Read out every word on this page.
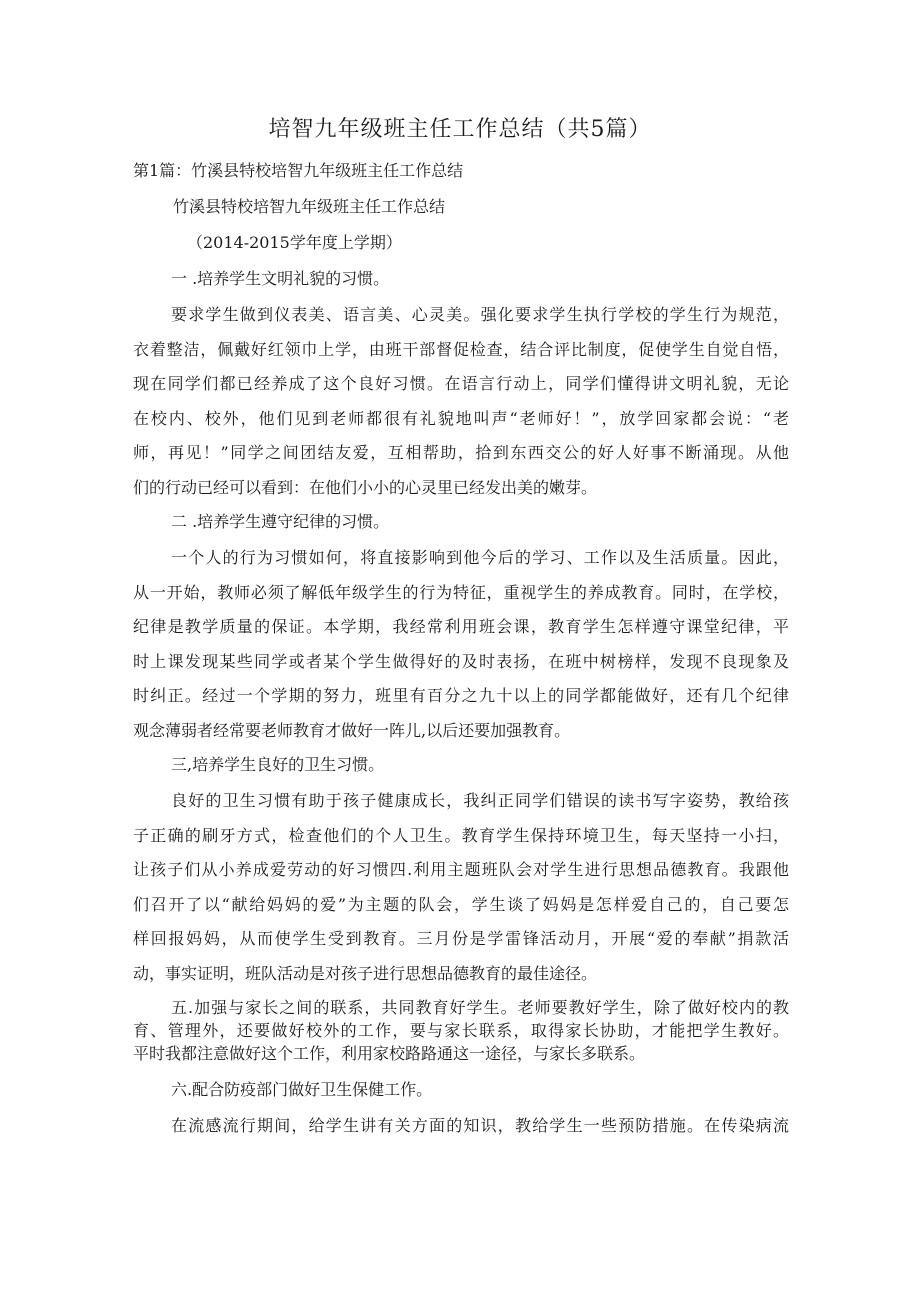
培智九年级班主任工作总结（共5篇）
第1篇：竹溪县特校培智九年级班主任工作总结
竹溪县特校培智九年级班主任工作总结
（2014-2015学年度上学期）
一 .培养学生文明礼貌的习惯。
要求学生做到仪表美、语言美、心灵美。强化要求学生执行学校的学生行为规范，
衣着整洁，佩戴好红领巾上学，由班干部督促检查，结合评比制度，促使学生自觉自悟，
现在同学们都已经养成了这个良好习惯。在语言行动上，同学们懂得讲文明礼貌，无论
在校内、校外，他们见到老师都很有礼貌地叫声“老师好！”，放学回家都会说：“老
师，再见！”同学之间团结友爱，互相帮助，拾到东西交公的好人好事不断涌现。从他
们的行动已经可以看到：在他们小小的心灵里已经发出美的嫩芽。
二 .培养学生遵守纪律的习惯。
一个人的行为习惯如何，将直接影响到他今后的学习、工作以及生活质量。因此，
从一开始，教师必须了解低年级学生的行为特征，重视学生的养成教育。同时，在学校，
纪律是教学质量的保证。本学期，我经常利用班会课，教育学生怎样遵守课堂纪律，平
时上课发现某些同学或者某个学生做得好的及时表扬，在班中树榜样，发现不良现象及
时纠正。经过一个学期的努力，班里有百分之九十以上的同学都能做好，还有几个纪律
观念薄弱者经常要老师教育才做好一阵儿,以后还要加强教育。
三,培养学生良好的卫生习惯。
良好的卫生习惯有助于孩子健康成长，我纠正同学们错误的读书写字姿势，教给孩
子正确的刷牙方式，检查他们的个人卫生。教育学生保持环境卫生，每天坚持一小扫，
让孩子们从小养成爱劳动的好习惯四.利用主题班队会对学生进行思想品德教育。我跟他
们召开了以“献给妈妈的爱”为主题的队会，学生谈了妈妈是怎样爱自己的，自己要怎
样回报妈妈，从而使学生受到教育。三月份是学雷锋活动月，开展“爱的奉献”捐款活
动，事实证明，班队活动是对孩子进行思想品德教育的最佳途径。
五.加强与家长之间的联系，共同教育好学生。老师要教好学生，除了做好校内的教
育、管理外，还要做好校外的工作，要与家长联系，取得家长协助，才能把学生教好。
平时我都注意做好这个工作，利用家校路路通这一途径，与家长多联系。
六.配合防疫部门做好卫生保健工作。
在流感流行期间，给学生讲有关方面的知识，教给学生一些预防措施。在传染病流
